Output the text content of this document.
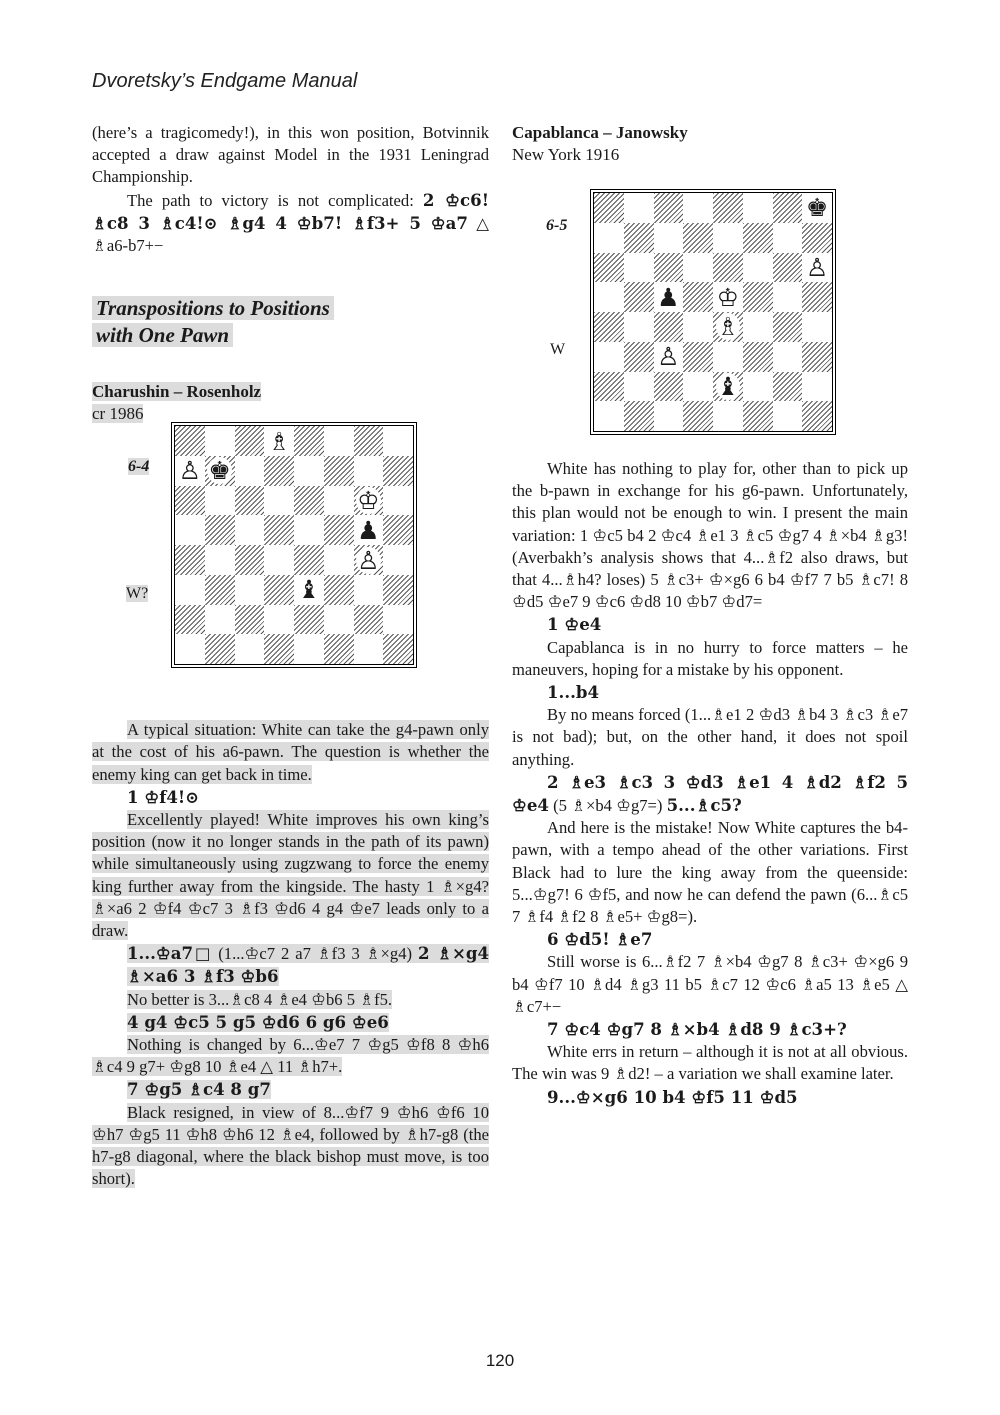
Dvoretsky’s Endgame Manual

(here’s a tragicomedy!), in this won position, Botvinnik accepted a draw against Model in the 1931 Leningrad Championship.

The path to victory is not complicated: 2 ♔c6! ♗c8 3 ♗c4!⊙ ♗g4 4 ♔b7! ♗f3+ 5 ♔a7 △ ♗a6-b7+−

Transpositions to Positions

with One Pawn

Charushin – Rosenholz

cr 1986

6-4
W?
♗
♙ ♚
♔
♟
♙
♝

A typical situation: White can take the g4-pawn only at the cost of his a6-pawn. The question is whether the enemy king can get back in time.

1 ♔f4!⊙

Excellently played! White improves his own king’s position (now it no longer stands in the path of its pawn) while simultaneously using zugzwang to force the enemy king further away from the kingside. The hasty 1 ♗×g4? ♗×a6 2 ♔f4 ♔c7 3 ♗f3 ♔d6 4 g4 ♔e7 leads only to a draw.

1...♔a7□ (1...♔c7 2 a7 ♗f3 3 ♗×g4) 2 ♗×g4 ♗×a6 3 ♗f3 ♔b6

No better is 3...♗c8 4 ♗e4 ♔b6 5 ♗f5.

4 g4 ♔c5 5 g5 ♔d6 6 g6 ♔e6

Nothing is changed by 6...♔e7 7 ♔g5 ♔f8 8 ♔h6 ♗c4 9 g7+ ♔g8 10 ♗e4 △ 11 ♗h7+.

7 ♔g5 ♗c4 8 g7

Black resigned, in view of 8...♔f7 9 ♔h6 ♔f6 10 ♔h7 ♔g5 11 ♔h8 ♔h6 12 ♗e4, followed by ♗h7-g8 (the h7-g8 diagonal, where the black bishop must move, is too short).

Capablanca – Janowsky

New York 1916

6-5
W
♚
♙
♟ ♔
♗
♙
♝

White has nothing to play for, other than to pick up the b-pawn in exchange for his g6-pawn. Unfortunately, this plan would not be enough to win. I present the main variation: 1 ♔c5 b4 2 ♔c4 ♗e1 3 ♗c5 ♔g7 4 ♗×b4 ♗g3! (Averbakh’s analysis shows that 4...♗f2 also draws, but that 4...♗h4? loses) 5 ♗c3+ ♔×g6 6 b4 ♔f7 7 b5 ♗c7! 8 ♔d5 ♔e7 9 ♔c6 ♔d8 10 ♔b7 ♔d7=

1 ♔e4

Capablanca is in no hurry to force matters – he maneuvers, hoping for a mistake by his opponent.

1...b4

By no means forced (1...♗e1 2 ♔d3 ♗b4 3 ♗c3 ♗e7 is not bad); but, on the other hand, it does not spoil anything.

2 ♗e3 ♗c3 3 ♔d3 ♗e1 4 ♗d2 ♗f2 5 ♔e4 (5 ♗×b4 ♔g7=) 5...♗c5?

And here is the mistake! Now White captures the b4-pawn, with a tempo ahead of the other variations. First Black had to lure the king away from the queenside: 5...♔g7! 6 ♔f5, and now he can defend the pawn (6...♗c5 7 ♗f4 ♗f2 8 ♗e5+ ♔g8=).

6 ♔d5! ♗e7

Still worse is 6...♗f2 7 ♗×b4 ♔g7 8 ♗c3+ ♔×g6 9 b4 ♔f7 10 ♗d4 ♗g3 11 b5 ♗c7 12 ♔c6 ♗a5 13 ♗e5 △ ♗c7+−

7 ♔c4 ♔g7 8 ♗×b4 ♗d8 9 ♗c3+?

White errs in return – although it is not at all obvious. The win was 9 ♗d2! – a variation we shall examine later.

9...♔×g6 10 b4 ♔f5 11 ♔d5

120
